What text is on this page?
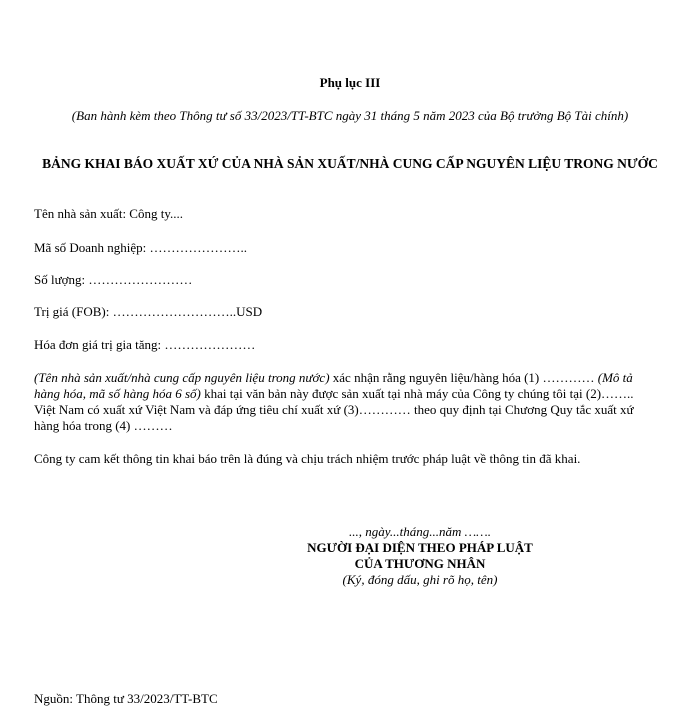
Phụ lục III
(Ban hành kèm theo Thông tư số 33/2023/TT-BTC ngày 31 tháng 5 năm 2023 của Bộ trưởng Bộ Tài chính)
BẢNG KHAI BÁO XUẤT XỨ CỦA NHÀ SẢN XUẤT/NHÀ CUNG CẤP NGUYÊN LIỆU TRONG NƯỚC
Tên nhà sản xuất: Công ty....
Mã số Doanh nghiệp: …………………..
Số lượng: ……………………
Trị giá (FOB): ………………………..USD
Hóa đơn giá trị gia tăng: …………………
(Tên nhà sản xuất/nhà cung cấp nguyên liệu trong nước) xác nhận rằng nguyên liệu/hàng hóa (1) ………… (Mô tả hàng hóa, mã số hàng hóa 6 số) khai tại văn bản này được sản xuất tại nhà máy của Công ty chúng tôi tại (2)…….. Việt Nam có xuất xứ Việt Nam và đáp ứng tiêu chí xuất xứ (3)………… theo quy định tại Chương Quy tắc xuất xứ hàng hóa trong (4) ………
Công ty cam kết thông tin khai báo trên là đúng và chịu trách nhiệm trước pháp luật về thông tin đã khai.
..., ngày...tháng...năm …….
NGƯỜI ĐẠI DIỆN THEO PHÁP LUẬT
CỦA THƯƠNG NHÂN
(Ký, đóng dấu, ghi rõ họ, tên)
Nguồn: Thông tư 33/2023/TT-BTC
